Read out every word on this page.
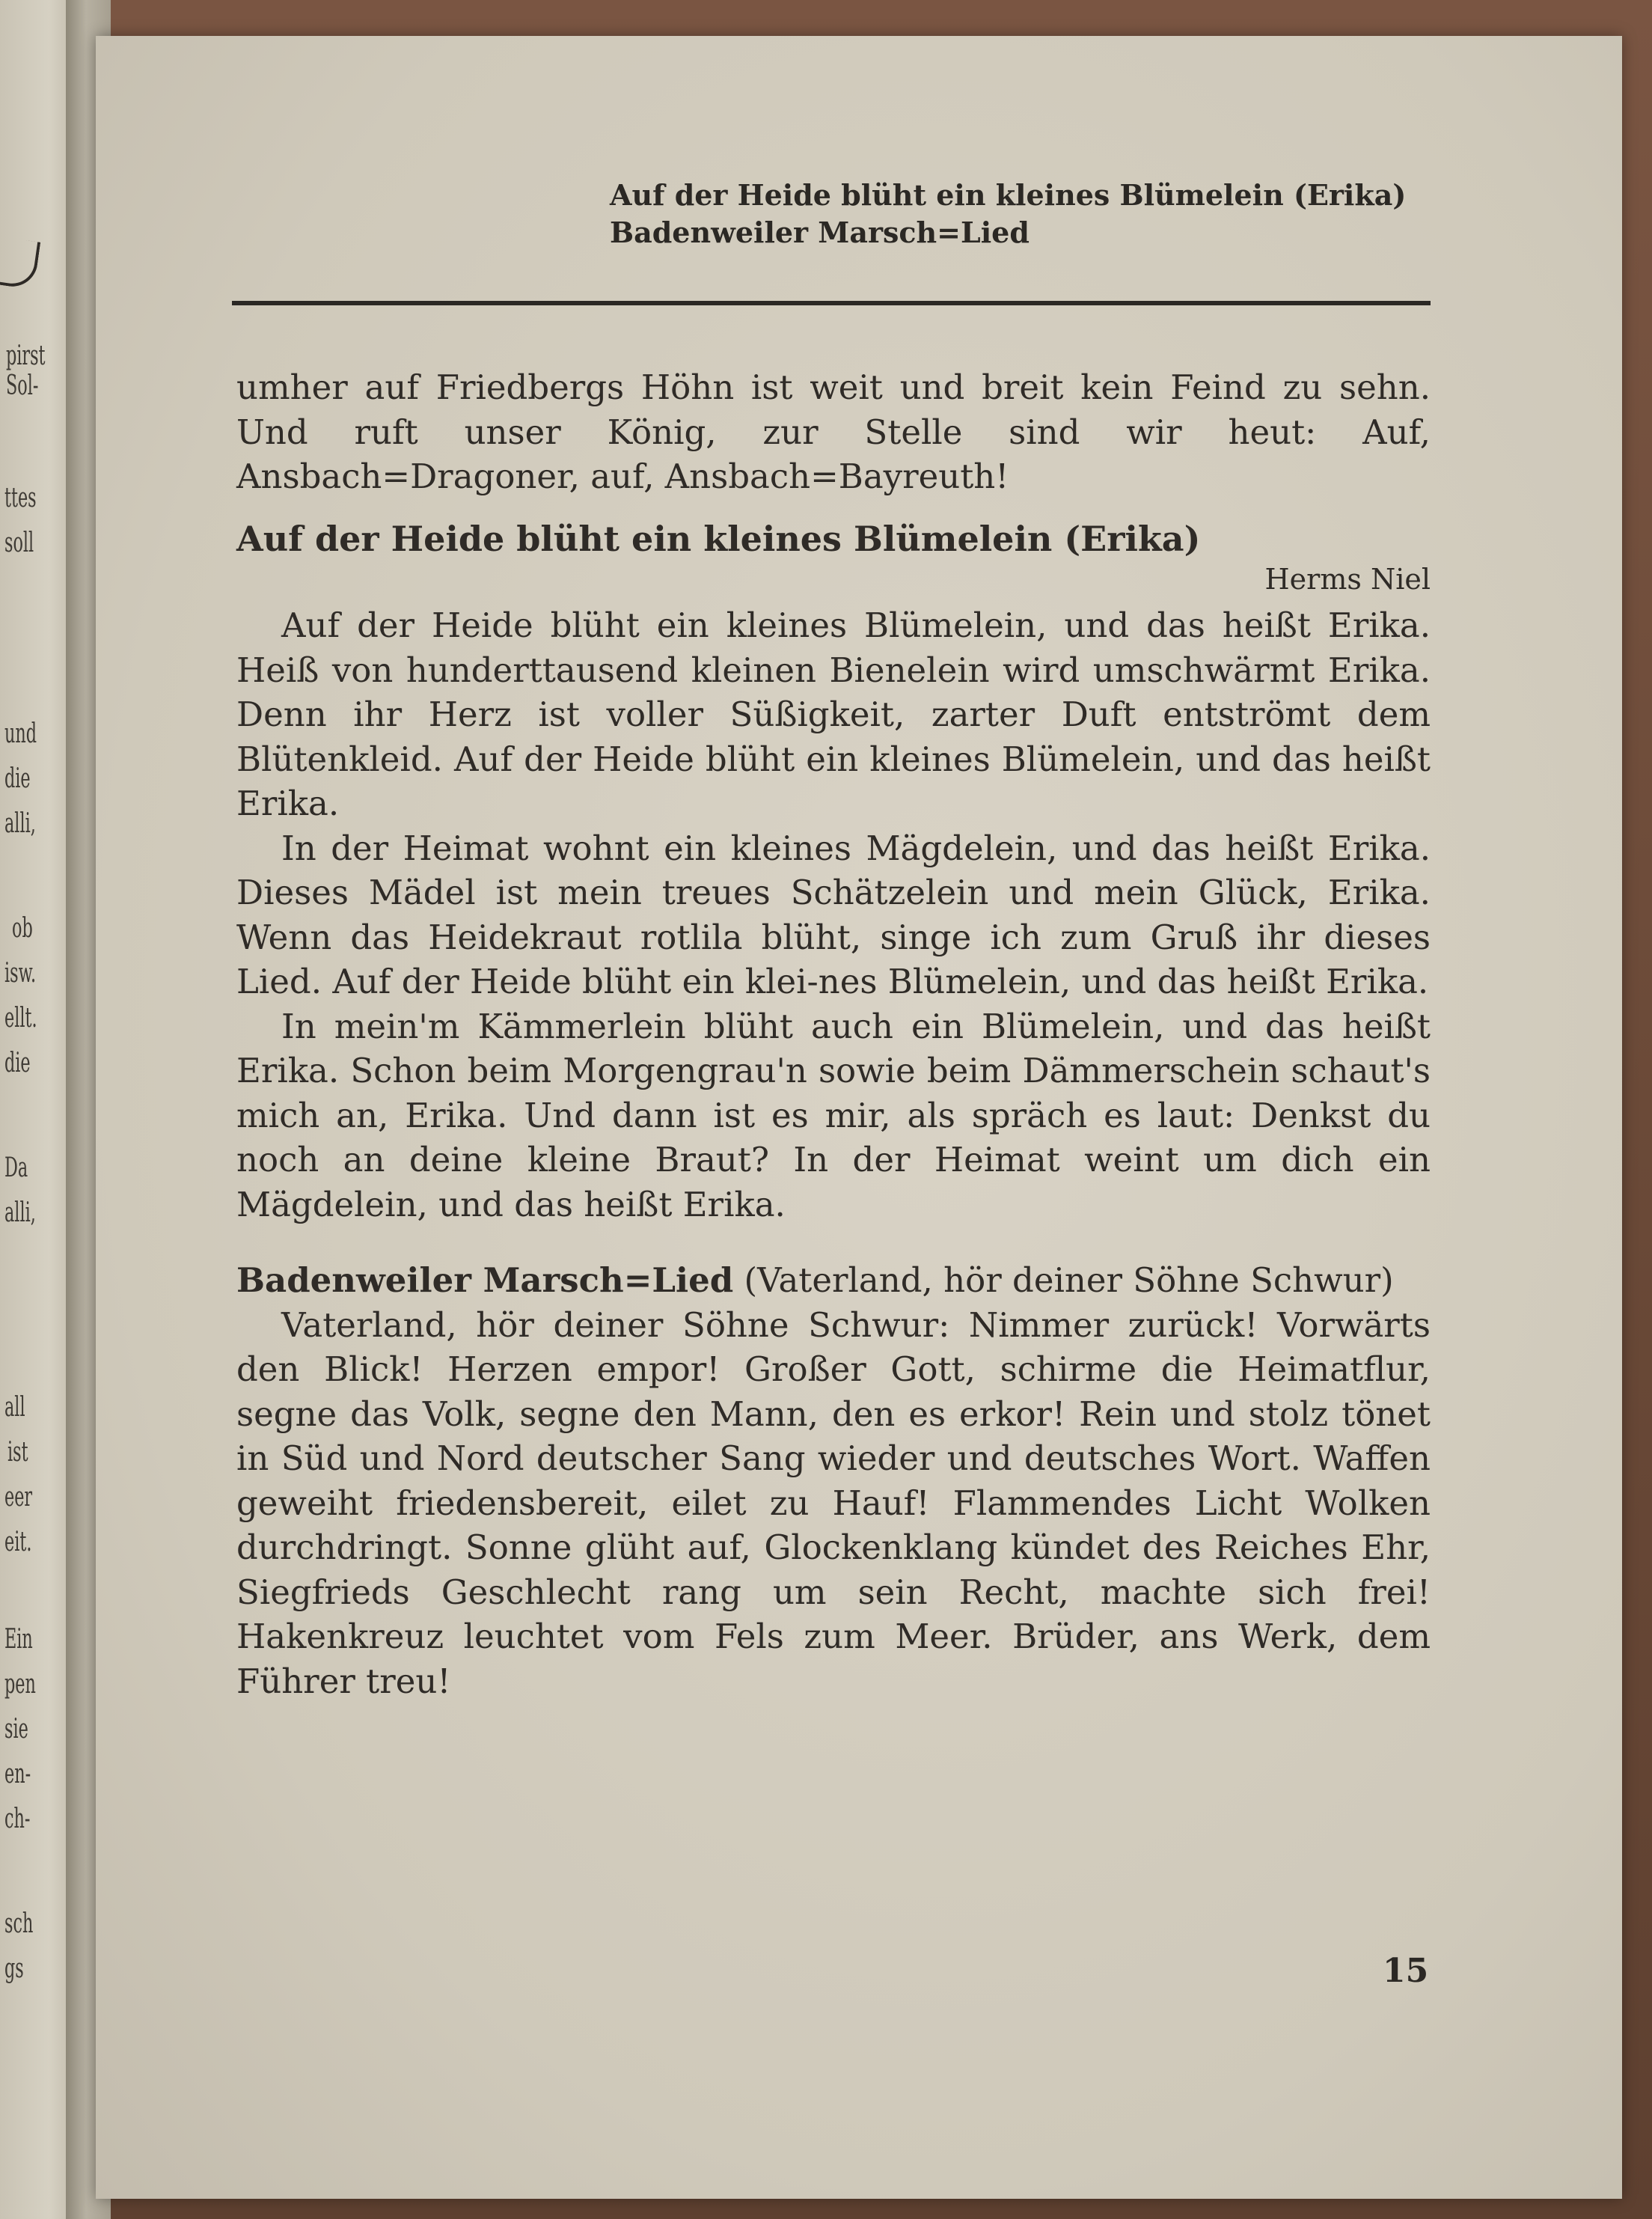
pirst
Sol-
ttes
soll
und
die
alli,
ob
isw.
ellt.
die
Da
alli,
all
ist
eer
eit.
Ein
pen
sie
en-
ch-
sch
gs
Auf der Heide blüht ein kleines Blümelein (Erika)
Badenweiler Marsch=Lied

umher auf Friedbergs Höhn ist weit und breit kein Feind zu sehn. Und ruft unser König, zur Stelle sind wir heut: Auf, Ansbach=Dragoner, auf, Ansbach=Bayreuth!

Auf der Heide blüht ein kleines Blümelein (Erika)

Herms Niel

Auf der Heide blüht ein kleines Blümelein, und das heißt Erika. Heiß von hunderttausend kleinen Bienelein wird umschwärmt Erika. Denn ihr Herz ist voller Süßigkeit, zarter Duft entströmt dem Blütenkleid. Auf der Heide blüht ein kleines Blümelein, und das heißt Erika.

In der Heimat wohnt ein kleines Mägdelein, und das heißt Erika. Dieses Mädel ist mein treues Schätzelein und mein Glück, Erika. Wenn das Heidekraut rotlila blüht, singe ich zum Gruß ihr dieses Lied. Auf der Heide blüht ein klei-nes Blümelein, und das heißt Erika.

In mein'm Kämmerlein blüht auch ein Blümelein, und das heißt Erika. Schon beim Morgengrau'n sowie beim Dämmerschein schaut's mich an, Erika. Und dann ist es mir, als spräch es laut: Denkst du noch an deine kleine Braut? In der Heimat weint um dich ein Mägdelein, und das heißt Erika.

Badenweiler Marsch=Lied (Vaterland, hör deiner Söhne Schwur)

Vaterland, hör deiner Söhne Schwur: Nimmer zurück! Vorwärts den Blick! Herzen empor! Großer Gott, schirme die Heimatflur, segne das Volk, segne den Mann, den es erkor! Rein und stolz tönet in Süd und Nord deutscher Sang wieder und deutsches Wort. Waffen geweiht friedensbereit, eilet zu Hauf! Flammendes Licht Wolken durchdringt. Sonne glüht auf, Glockenklang kündet des Reiches Ehr, Siegfrieds Geschlecht rang um sein Recht, machte sich frei! Hakenkreuz leuchtet vom Fels zum Meer. Brüder, ans Werk, dem Führer treu!

15
